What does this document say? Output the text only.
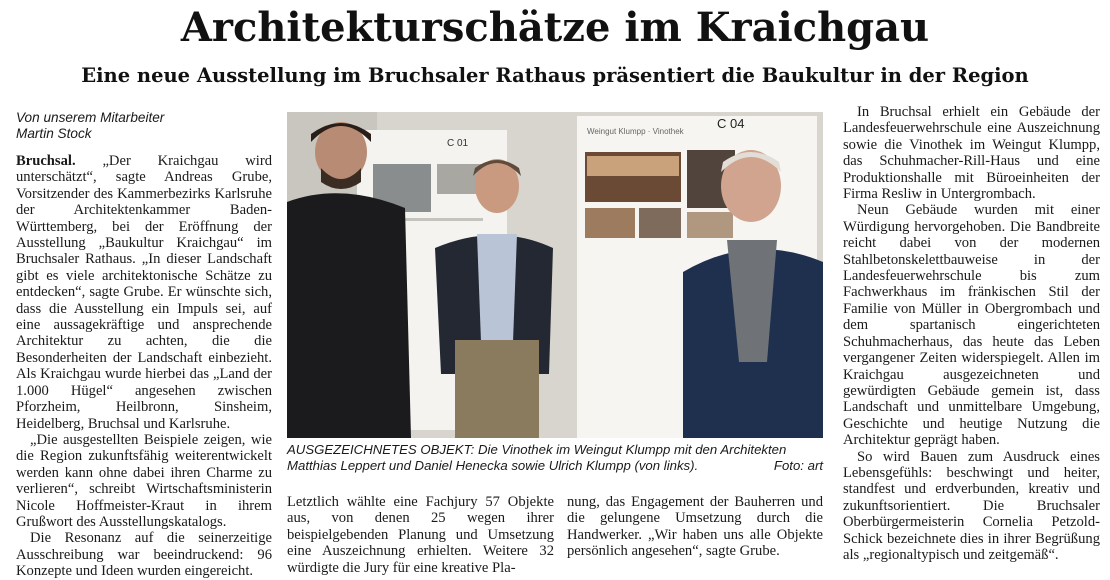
Architekturschätze im Kraichgau
Eine neue Ausstellung im Bruchsaler Rathaus präsentiert die Baukultur in der Region
Von unserem Mitarbeiter
Martin Stock

Bruchsal. „Der Kraichgau wird unterschätzt“, sagte Andreas Grube, Vorsitzender des Kammerbezirks Karlsruhe der Architektenkammer Baden-Württemberg, bei der Eröffnung der Ausstellung „Baukultur Kraichgau“ im Bruchsaler Rathaus. „In dieser Landschaft gibt es viele architektonische Schätze zu entdecken“, sagte Grube. Er wünschte sich, dass die Ausstellung ein Impuls sei, auf eine aussagekräftige und ansprechende Architektur zu achten, die die Besonderheiten der Landschaft einbezieht. Als Kraichgau wurde hierbei das „Land der 1.000 Hügel“ angesehen zwischen Pforzheim, Heilbronn, Sinsheim, Heidelberg, Bruchsal und Karlsruhe.

„Die ausgestellten Beispiele zeigen, wie die Region zukunftsfähig weiterentwickelt werden kann ohne dabei ihren Charme zu verlieren“, schreibt Wirtschaftsministerin Nicole Hoffmeister-Kraut in ihrem Grußwort des Ausstellungskatalogs.

Die Resonanz auf die seinerzeitige Ausschreibung war beeindruckend: 96 Konzepte und Ideen wurden eingereicht.

C 01
Weingut Klumpp · Vinothek
C 04
AUSGEZEICHNETES OBJEKT: Die Vinothek im Weingut Klumpp mit den Architekten Matthias Leppert und Daniel Henecka sowie Ulrich Klumpp (von links).	Foto: art

Letztlich wählte eine Fachjury 57 Objekte aus, von denen 25 wegen ihrer beispielgebenden Planung und Umsetzung eine Auszeichnung erhielten. Weitere 32 würdigte die Jury für eine kreative Pla-

nung, das Engagement der Bauherren und die gelungene Umsetzung durch die Handwerker. „Wir haben uns alle Objekte persönlich angesehen“, sagte Grube.

In Bruchsal erhielt ein Gebäude der Landesfeuerwehrschule eine Auszeichnung sowie die Vinothek im Weingut Klumpp, das Schuhmacher-Rill-Haus und eine Produktionshalle mit Büroeinheiten der Firma Resliw in Untergrombach.

Neun Gebäude wurden mit einer Würdigung hervorgehoben. Die Bandbreite reicht dabei von der modernen Stahlbetonskelettbauweise in der Landesfeuerwehrschule bis zum Fachwerkhaus im fränkischen Stil der Familie von Müller in Obergrombach und dem spartanisch eingerichteten Schuhmacherhaus, das heute das Leben vergangener Zeiten widerspiegelt. Allen im Kraichgau ausgezeichneten und gewürdigten Gebäude gemein ist, dass Landschaft und unmittelbare Umgebung, Geschichte und heutige Nutzung die Architektur geprägt haben.

So wird Bauen zum Ausdruck eines Lebensgefühls: beschwingt und heiter, standfest und erdverbunden, kreativ und zukunftsorientiert. Die Bruchsaler Oberbürgermeisterin Cornelia Petzold-Schick bezeichnete dies in ihrer Begrüßung als „regionaltypisch und zeitgemäß“.
